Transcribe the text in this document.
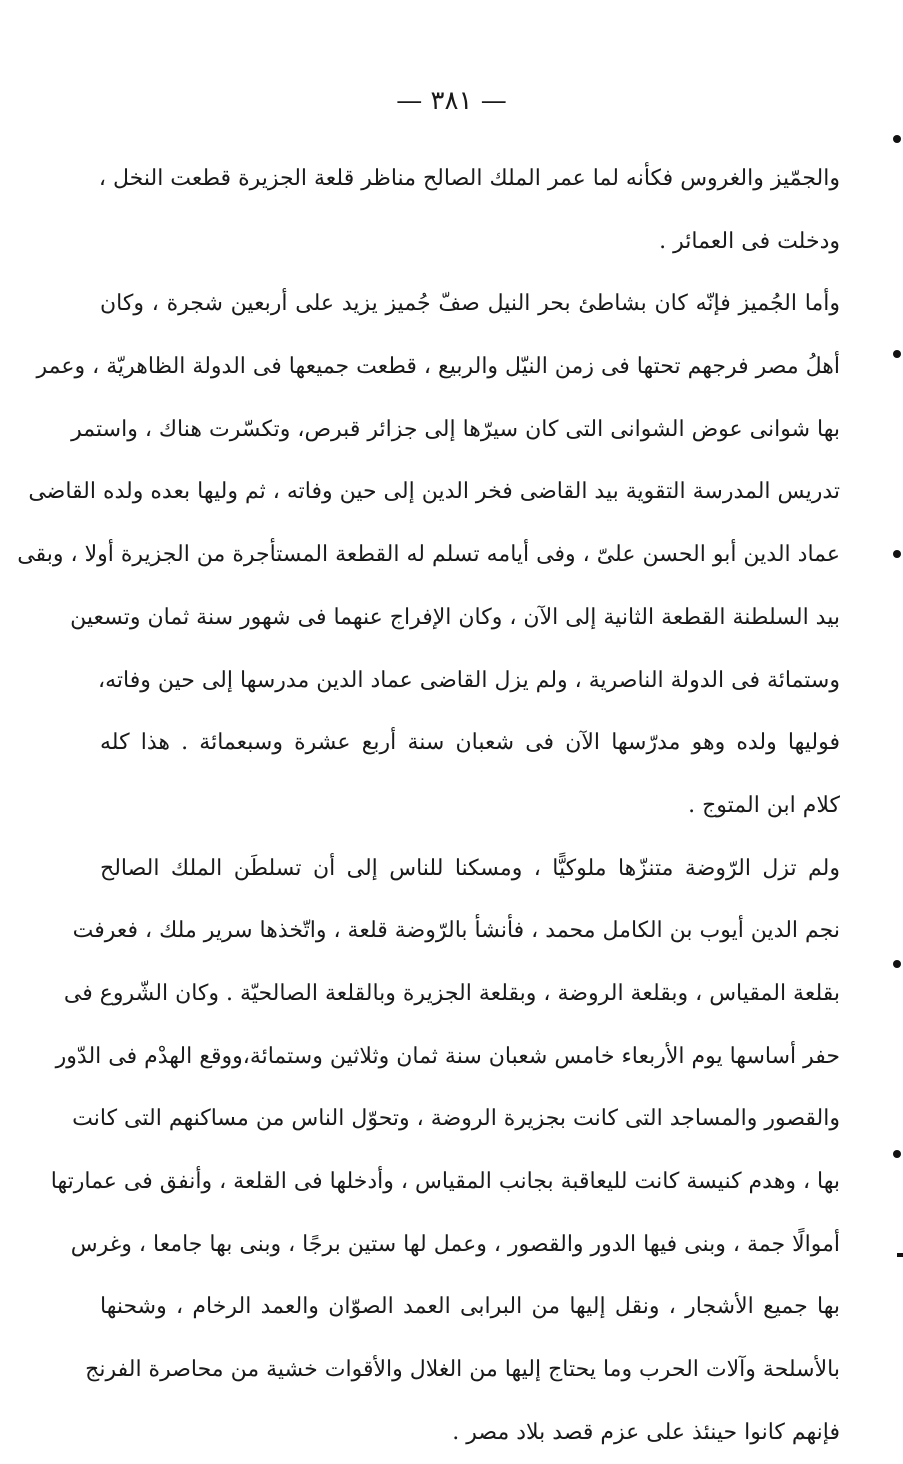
— ٣٨١ —
والجمّيز والغروس فكأنه لما عمر الملك الصالح مناظر قلعة الجزيرة قطعت النخل ،
ودخلت فى العمائر .
وأما الجُميز فإنّه كان بشاطئ بحر النيل صفّ جُميز يزيد على أربعين شجرة ، وكان
أهلُ مصر فرجهم تحتها فى زمن النيّل والربيع ، قطعت جميعها فى الدولة الظاهريّة ، وعمر
بها شوانى عوض الشوانى التى كان سيرّها إلى جزائر قبرص، وتكسّرت هناك ، واستمر
تدريس المدرسة التقوية بيد القاضى فخر الدين إلى حين وفاته ، ثم وليها بعده ولده القاضى
عماد الدين أبو الحسن علىّ ، وفى أيامه تسلم له القطعة المستأجرة من الجزيرة أولا ، وبقى
بيد السلطنة القطعة الثانية إلى الآن ، وكان الإفراج عنهما فى شهور سنة ثمان وتسعين
وستمائة فى الدولة الناصرية ، ولم يزل القاضى عماد الدين مدرسها إلى حين وفاته،
فوليها ولده وهو مدرّسها الآن فى شعبان سنة أربع عشرة وسبعمائة . هذا كله
كلام ابن المتوج .
ولم تزل الرّوضة متنزّها ملوكيًّا ، ومسكنا للناس إلى أن تسلطَن الملك الصالح
نجم الدين أيوب بن الكامل محمد ، فأنشأ بالرّوضة قلعة ، واتّخذها سرير ملك ، فعرفت
بقلعة المقياس ، وبقلعة الروضة ، وبقلعة الجزيرة وبالقلعة الصالحيّة . وكان الشّروع فى
حفر أساسها يوم الأربعاء خامس شعبان سنة ثمان وثلاثين وستمائة،ووقع الهدْم فى الدّور
والقصور والمساجد التى كانت بجزيرة الروضة ، وتحوّل الناس من مساكنهم التى كانت
بها ، وهدم كنيسة كانت لليعاقبة بجانب المقياس ، وأدخلها فى القلعة ، وأنفق فى عمارتها
أموالًا جمة ، وبنى فيها الدور والقصور ، وعمل لها ستين برجًا ، وبنى بها جامعا ، وغرس
بها جميع الأشجار ، ونقل إليها من البرابى العمد الصوّان والعمد الرخام ، وشحنها
بالأسلحة وآلات الحرب وما يحتاج إليها من الغلال والأقوات خشية من محاصرة الفرنج
فإنهم كانوا حينئذ على عزم قصد بلاد مصر .
